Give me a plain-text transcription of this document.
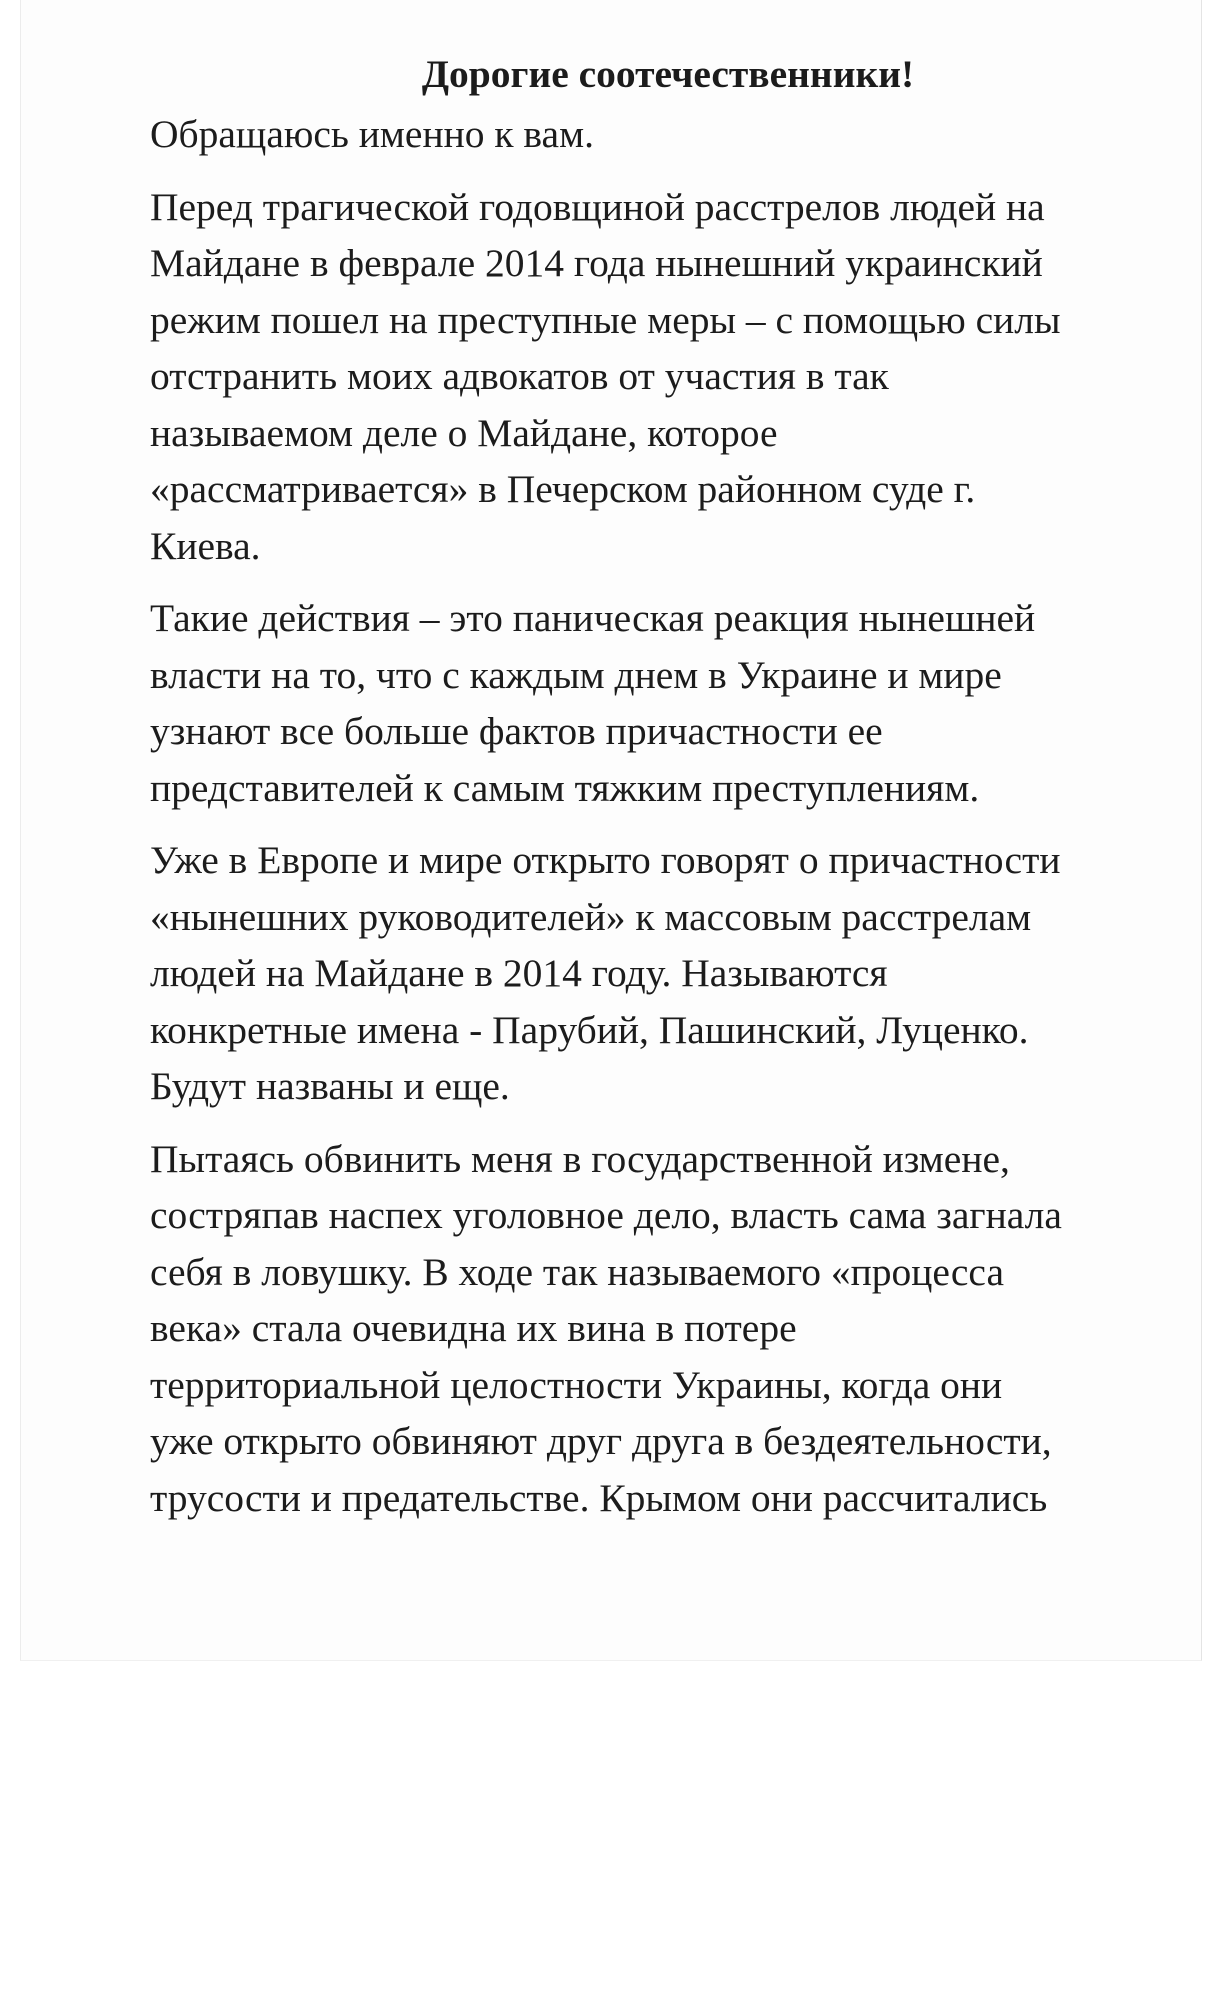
Дорогие соотечественники!

Обращаюсь именно к вам.

Перед трагической годовщиной расстрелов людей на
Майдане в феврале 2014 года нынешний украинский
режим пошел на преступные меры – с помощью силы
отстранить моих адвокатов от участия в так
называемом деле о Майдане, которое
«рассматривается» в Печерском районном суде г.
Киева.

Такие действия – это паническая реакция нынешней
власти на то, что с каждым днем в Украине и мире
узнают все больше фактов причастности ее
представителей к самым тяжким преступлениям.

Уже в Европе и мире открыто говорят о причастности
«нынешних руководителей» к массовым расстрелам
людей на Майдане в 2014 году. Называются
конкретные имена - Парубий, Пашинский, Луценко.
Будут названы и еще.

Пытаясь обвинить меня в государственной измене,
состряпав наспех уголовное дело, власть сама загнала
себя в ловушку. В ходе так называемого «процесса
века» стала очевидна их вина в потере
территориальной целостности Украины, когда они
уже открыто обвиняют друг друга в бездеятельности,
трусости и предательстве. Крымом они рассчитались
